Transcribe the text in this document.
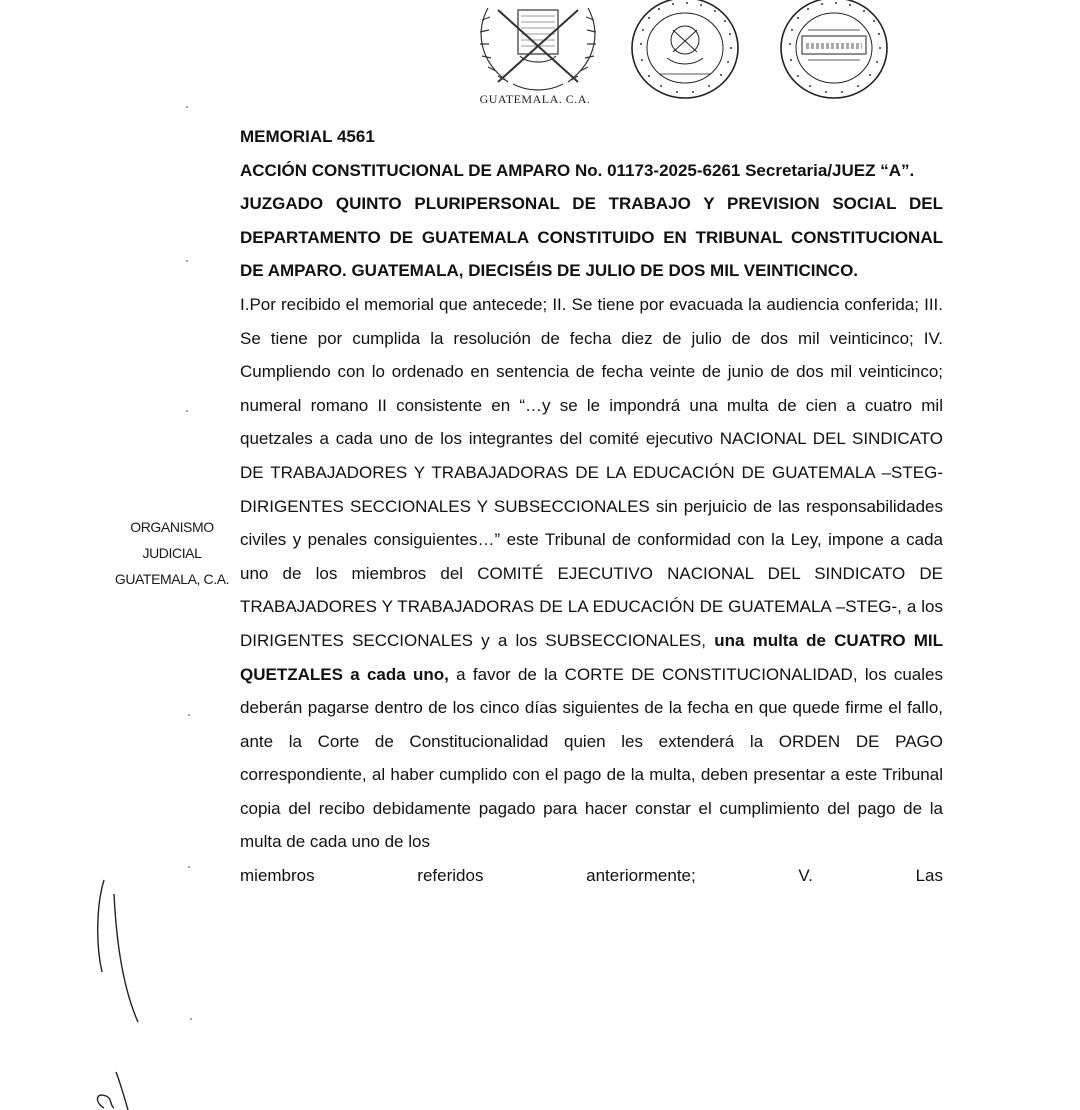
GUATEMALA. C.A.

MEMORIAL 4561

ACCIÓN CONSTITUCIONAL DE AMPARO No. 01173-2025-6261 Secretaria/JUEZ “A”.

JUZGADO QUINTO PLURIPERSONAL DE TRABAJO Y PREVISION SOCIAL DEL DEPARTAMENTO DE GUATEMALA CONSTITUIDO EN TRIBUNAL CONSTITUCIONAL DE AMPARO. GUATEMALA, DIECISÉIS DE JULIO DE DOS MIL VEINTICINCO.

I.Por recibido el memorial que antecede; II. Se tiene por evacuada la audiencia conferida; III. Se tiene por cumplida la resolución de fecha diez de julio de dos mil veinticinco; IV. Cumpliendo con lo ordenado en sentencia de fecha veinte de junio de dos mil veinticinco; numeral romano II consistente en “…y se le impondrá una multa de cien a cuatro mil quetzales a cada uno de los integrantes del comité ejecutivo NACIONAL DEL SINDICATO DE TRABAJADORES Y TRABAJADORAS DE LA EDUCACIÓN DE GUATEMALA –STEG- DIRIGENTES SECCIONALES Y SUBSECCIONALES sin perjuicio de las responsabilidades civiles y penales consiguientes…” este Tribunal de conformidad con la Ley, impone a cada uno de los miembros del COMITÉ EJECUTIVO NACIONAL DEL SINDICATO DE TRABAJADORES Y TRABAJADORAS DE LA EDUCACIÓN DE GUATEMALA –STEG-, a los DIRIGENTES SECCIONALES y a los SUBSECCIONALES, una multa de CUATRO MIL QUETZALES a cada uno, a favor de la CORTE DE CONSTITUCIONALIDAD, los cuales deberán pagarse dentro de los cinco días siguientes de la fecha en que quede firme el fallo, ante la Corte de Constitucionalidad quien les extenderá la ORDEN DE PAGO correspondiente, al haber cumplido con el pago de la multa, deben presentar a este Tribunal copia del recibo debidamente pagado para hacer constar el cumplimiento del pago de la multa de cada uno de los

miembros referidos anteriormente; V. Las

ORGANISMO
JUDICIAL
GUATEMALA, C.A.
